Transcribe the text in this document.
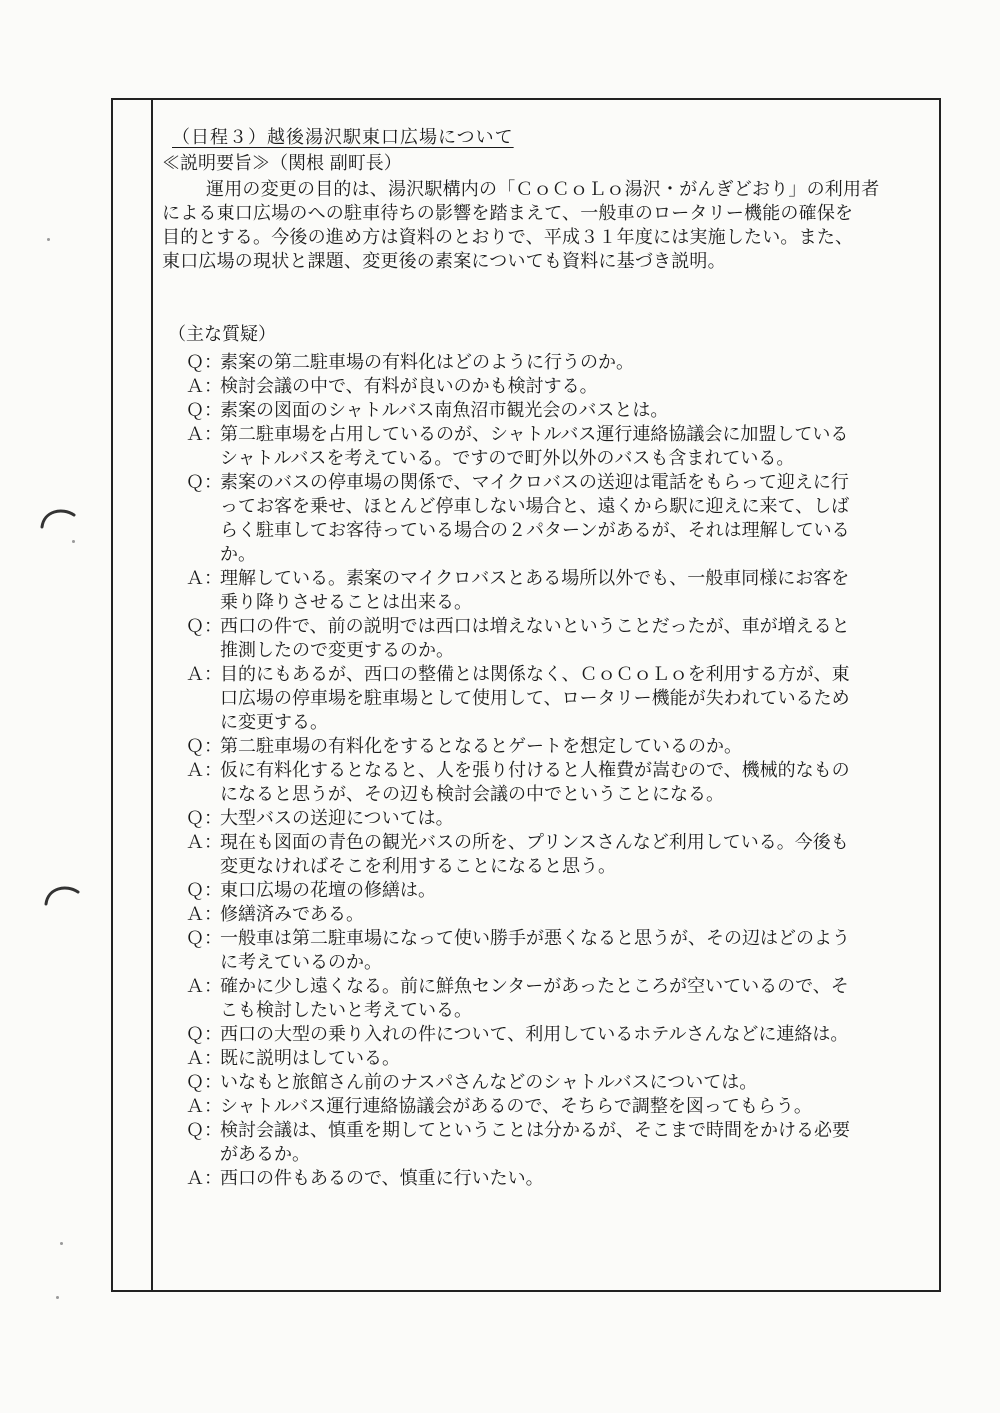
（日程３）越後湯沢駅東口広場について
≪説明要旨≫（関根 副町長）
運用の変更の目的は、湯沢駅構内の「ＣｏＣｏＬｏ湯沢・がんぎどおり」の利用者
による東口広場のへの駐車待ちの影響を踏まえて、一般車のロータリー機能の確保を
目的とする。今後の進め方は資料のとおりで、平成３１年度には実施したい。また、
東口広場の現状と課題、変更後の素案についても資料に基づき説明。
（主な質疑）
Ｑ：
素案の第二駐車場の有料化はどのように行うのか。
Ａ：
検討会議の中で、有料が良いのかも検討する。
Ｑ：
素案の図面のシャトルバス南魚沼市観光会のバスとは。
Ａ：
第二駐車場を占用しているのが、シャトルバス運行連絡協議会に加盟している
シャトルバスを考えている。ですので町外以外のバスも含まれている。
Ｑ：
素案のバスの停車場の関係で、マイクロバスの送迎は電話をもらって迎えに行
ってお客を乗せ、ほとんど停車しない場合と、遠くから駅に迎えに来て、しば
らく駐車してお客待っている場合の２パターンがあるが、それは理解している
か。
Ａ：
理解している。素案のマイクロバスとある場所以外でも、一般車同様にお客を
乗り降りさせることは出来る。
Ｑ：
西口の件で、前の説明では西口は増えないということだったが、車が増えると
推測したので変更するのか。
Ａ：
目的にもあるが、西口の整備とは関係なく、ＣｏＣｏＬｏを利用する方が、東
口広場の停車場を駐車場として使用して、ロータリー機能が失われているため
に変更する。
Ｑ：
第二駐車場の有料化をするとなるとゲートを想定しているのか。
Ａ：
仮に有料化するとなると、人を張り付けると人権費が嵩むので、機械的なもの
になると思うが、その辺も検討会議の中でということになる。
Ｑ：
大型バスの送迎については。
Ａ：
現在も図面の青色の観光バスの所を、プリンスさんなど利用している。今後も
変更なければそこを利用することになると思う。
Ｑ：
東口広場の花壇の修繕は。
Ａ：
修繕済みである。
Ｑ：
一般車は第二駐車場になって使い勝手が悪くなると思うが、その辺はどのよう
に考えているのか。
Ａ：
確かに少し遠くなる。前に鮮魚センターがあったところが空いているので、そ
こも検討したいと考えている。
Ｑ：
西口の大型の乗り入れの件について、利用しているホテルさんなどに連絡は。
Ａ：
既に説明はしている。
Ｑ：
いなもと旅館さん前のナスパさんなどのシャトルバスについては。
Ａ：
シャトルバス運行連絡協議会があるので、そちらで調整を図ってもらう。
Ｑ：
検討会議は、慎重を期してということは分かるが、そこまで時間をかける必要
があるか。
Ａ：
西口の件もあるので、慎重に行いたい。
